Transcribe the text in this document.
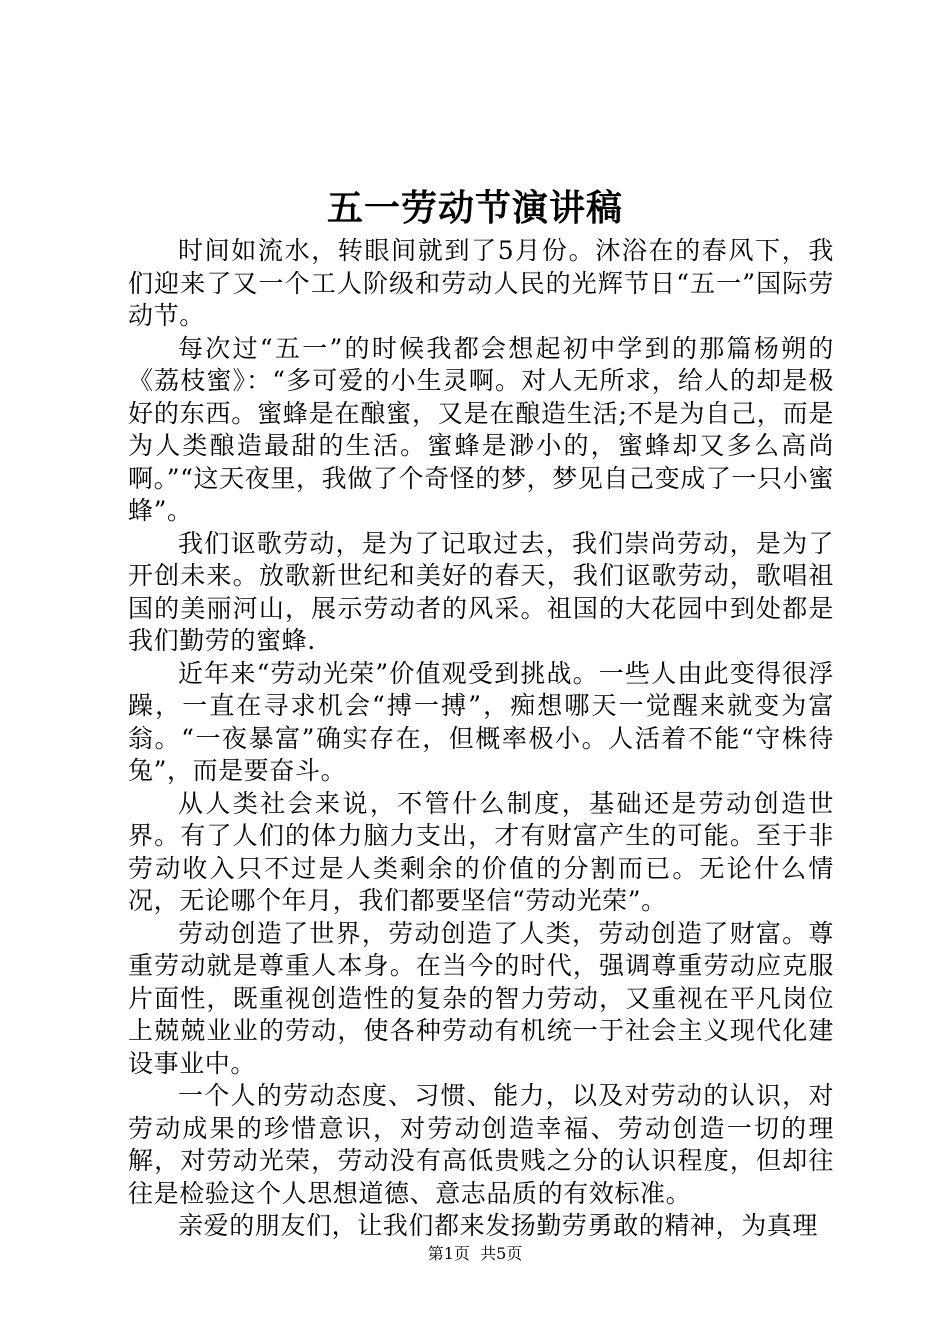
五一劳动节演讲稿

时间如流水，转眼间就到了5月份。沐浴在的春风下，我们迎来了又一个工人阶级和劳动人民的光辉节日“五一”国际劳动节。

每次过“五一”的时候我都会想起初中学到的那篇杨朔的《荔枝蜜》：“多可爱的小生灵啊。对人无所求，给人的却是极好的东西。蜜蜂是在酿蜜，又是在酿造生活;不是为自己，而是为人类酿造最甜的生活。蜜蜂是渺小的，蜜蜂却又多么高尚啊。”“这天夜里，我做了个奇怪的梦，梦见自己变成了一只小蜜蜂”。

我们讴歌劳动，是为了记取过去，我们崇尚劳动，是为了开创未来。放歌新世纪和美好的春天，我们讴歌劳动，歌唱祖国的美丽河山，展示劳动者的风采。祖国的大花园中到处都是我们勤劳的蜜蜂.

近年来“劳动光荣”价值观受到挑战。一些人由此变得很浮躁，一直在寻求机会“搏一搏”，痴想哪天一觉醒来就变为富翁。“一夜暴富”确实存在，但概率极小。人活着不能“守株待兔”，而是要奋斗。

从人类社会来说，不管什么制度，基础还是劳动创造世界。有了人们的体力脑力支出，才有财富产生的可能。至于非劳动收入只不过是人类剩余的价值的分割而已。无论什么情况，无论哪个年月，我们都要坚信“劳动光荣”。

劳动创造了世界，劳动创造了人类，劳动创造了财富。尊重劳动就是尊重人本身。在当今的时代，强调尊重劳动应克服片面性，既重视创造性的复杂的智力劳动，又重视在平凡岗位上兢兢业业的劳动，使各种劳动有机统一于社会主义现代化建设事业中。

一个人的劳动态度、习惯、能力，以及对劳动的认识，对劳动成果的珍惜意识，对劳动创造幸福、劳动创造一切的理解，对劳动光荣，劳动没有高低贵贱之分的认识程度，但却往往是检验这个人思想道德、意志品质的有效标准。

亲爱的朋友们，让我们都来发扬勤劳勇敢的精神，为真理

第1页 共5页
